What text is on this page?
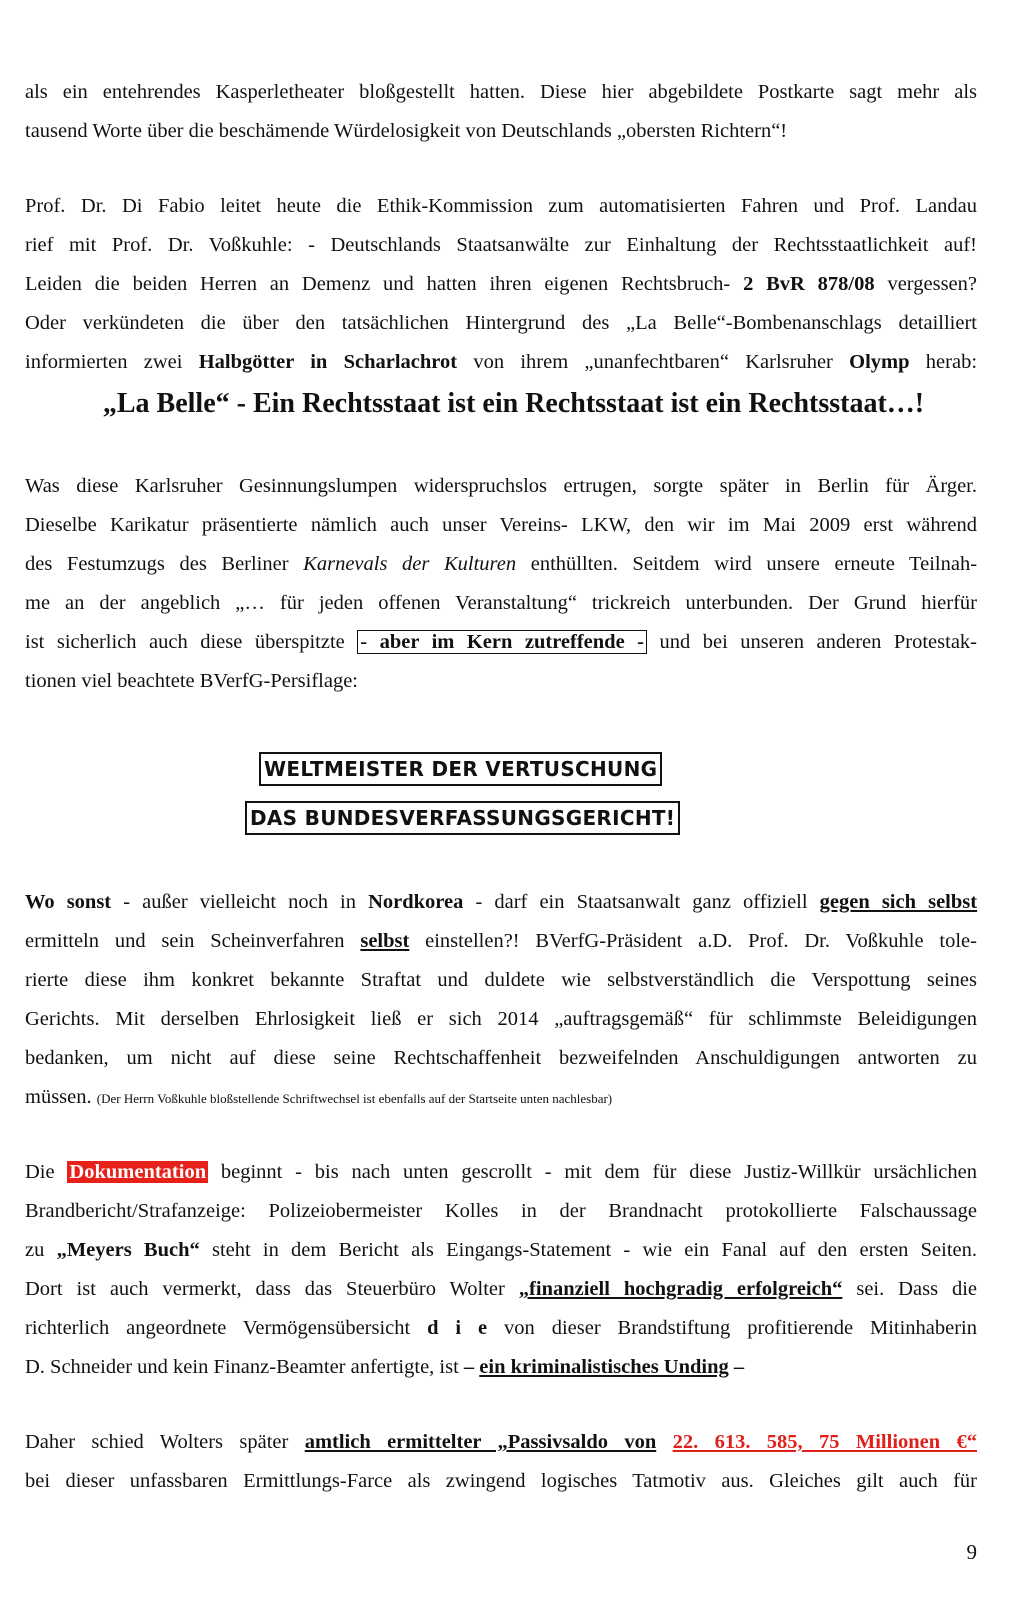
als ein entehrendes Kasperletheater bloßgestellt hatten. Diese hier abgebildete Postkarte sagt mehr als
tausend Worte über die beschämende Würdelosigkeit von Deutschlands „obersten Richtern“!
Prof. Dr. Di Fabio leitet heute die Ethik-Kommission zum automatisierten Fahren und Prof. Landau
rief mit Prof. Dr. Voßkuhle: - Deutschlands Staatsanwälte zur Einhaltung der Rechtsstaatlichkeit auf!
Leiden die beiden Herren an Demenz und hatten ihren eigenen Rechtsbruch- 2 BvR 878/08 vergessen?
Oder verkündeten die über den tatsächlichen Hintergrund des „La Belle“-Bombenanschlags detailliert
informierten zwei Halbgötter in Scharlachrot von ihrem „unanfechtbaren“ Karlsruher Olymp herab:

„La Belle“ - Ein Rechtsstaat ist ein Rechtsstaat ist ein Rechtsstaat…!

Was diese Karlsruher Gesinnungslumpen widerspruchslos ertrugen, sorgte später in Berlin für Ärger.
Dieselbe Karikatur präsentierte nämlich auch unser Vereins- LKW, den wir im Mai 2009 erst während
des Festumzugs des Berliner Karnevals der Kulturen enthüllten. Seitdem wird unsere erneute Teilnah-
me an der angeblich „… für jeden offenen Veranstaltung“ trickreich unterbunden. Der Grund hierfür
ist sicherlich auch diese überspitzte - aber im Kern zutreffende - und bei unseren anderen Protestak-
tionen viel beachtete BVerfG-Persiflage:
WELTMEISTER DER VERTUSCHUNG
DAS BUNDESVERFASSUNGSGERICHT!
Wo sonst - außer vielleicht noch in Nordkorea - darf ein Staatsanwalt ganz offiziell gegen sich selbst
ermitteln und sein Scheinverfahren selbst einstellen?! BVerfG-Präsident a.D. Prof. Dr. Voßkuhle tole-
rierte diese ihm konkret bekannte Straftat und duldete wie selbstverständlich die Verspottung seines
Gerichts. Mit derselben Ehrlosigkeit ließ er sich 2014 „auftragsgemäß“ für schlimmste Beleidigungen
bedanken, um nicht auf diese seine Rechtschaffenheit bezweifelnden Anschuldigungen antworten zu
müssen. (Der Herrn Voßkuhle bloßstellende Schriftwechsel ist ebenfalls auf der Startseite unten nachlesbar)
Die Dokumentation beginnt - bis nach unten gescrollt - mit dem für diese Justiz-Willkür ursächlichen
Brandbericht/Strafanzeige: Polizeiobermeister Kolles in der Brandnacht protokollierte Falschaussage
zu „Meyers Buch“ steht in dem Bericht als Eingangs-Statement - wie ein Fanal auf den ersten Seiten.
Dort ist auch vermerkt, dass das Steuerbüro Wolter „finanziell hochgradig erfolgreich“ sei. Dass die
richterlich angeordnete Vermögensübersicht d i e von dieser Brandstiftung profitierende Mitinhaberin
D. Schneider und kein Finanz-Beamter anfertigte, ist – ein kriminalistisches Unding –
Daher schied Wolters später amtlich ermittelter „Passivsaldo von 22. 613. 585, 75 Millionen €“
bei dieser unfassbaren Ermittlungs-Farce als zwingend logisches Tatmotiv aus. Gleiches gilt auch für
9
